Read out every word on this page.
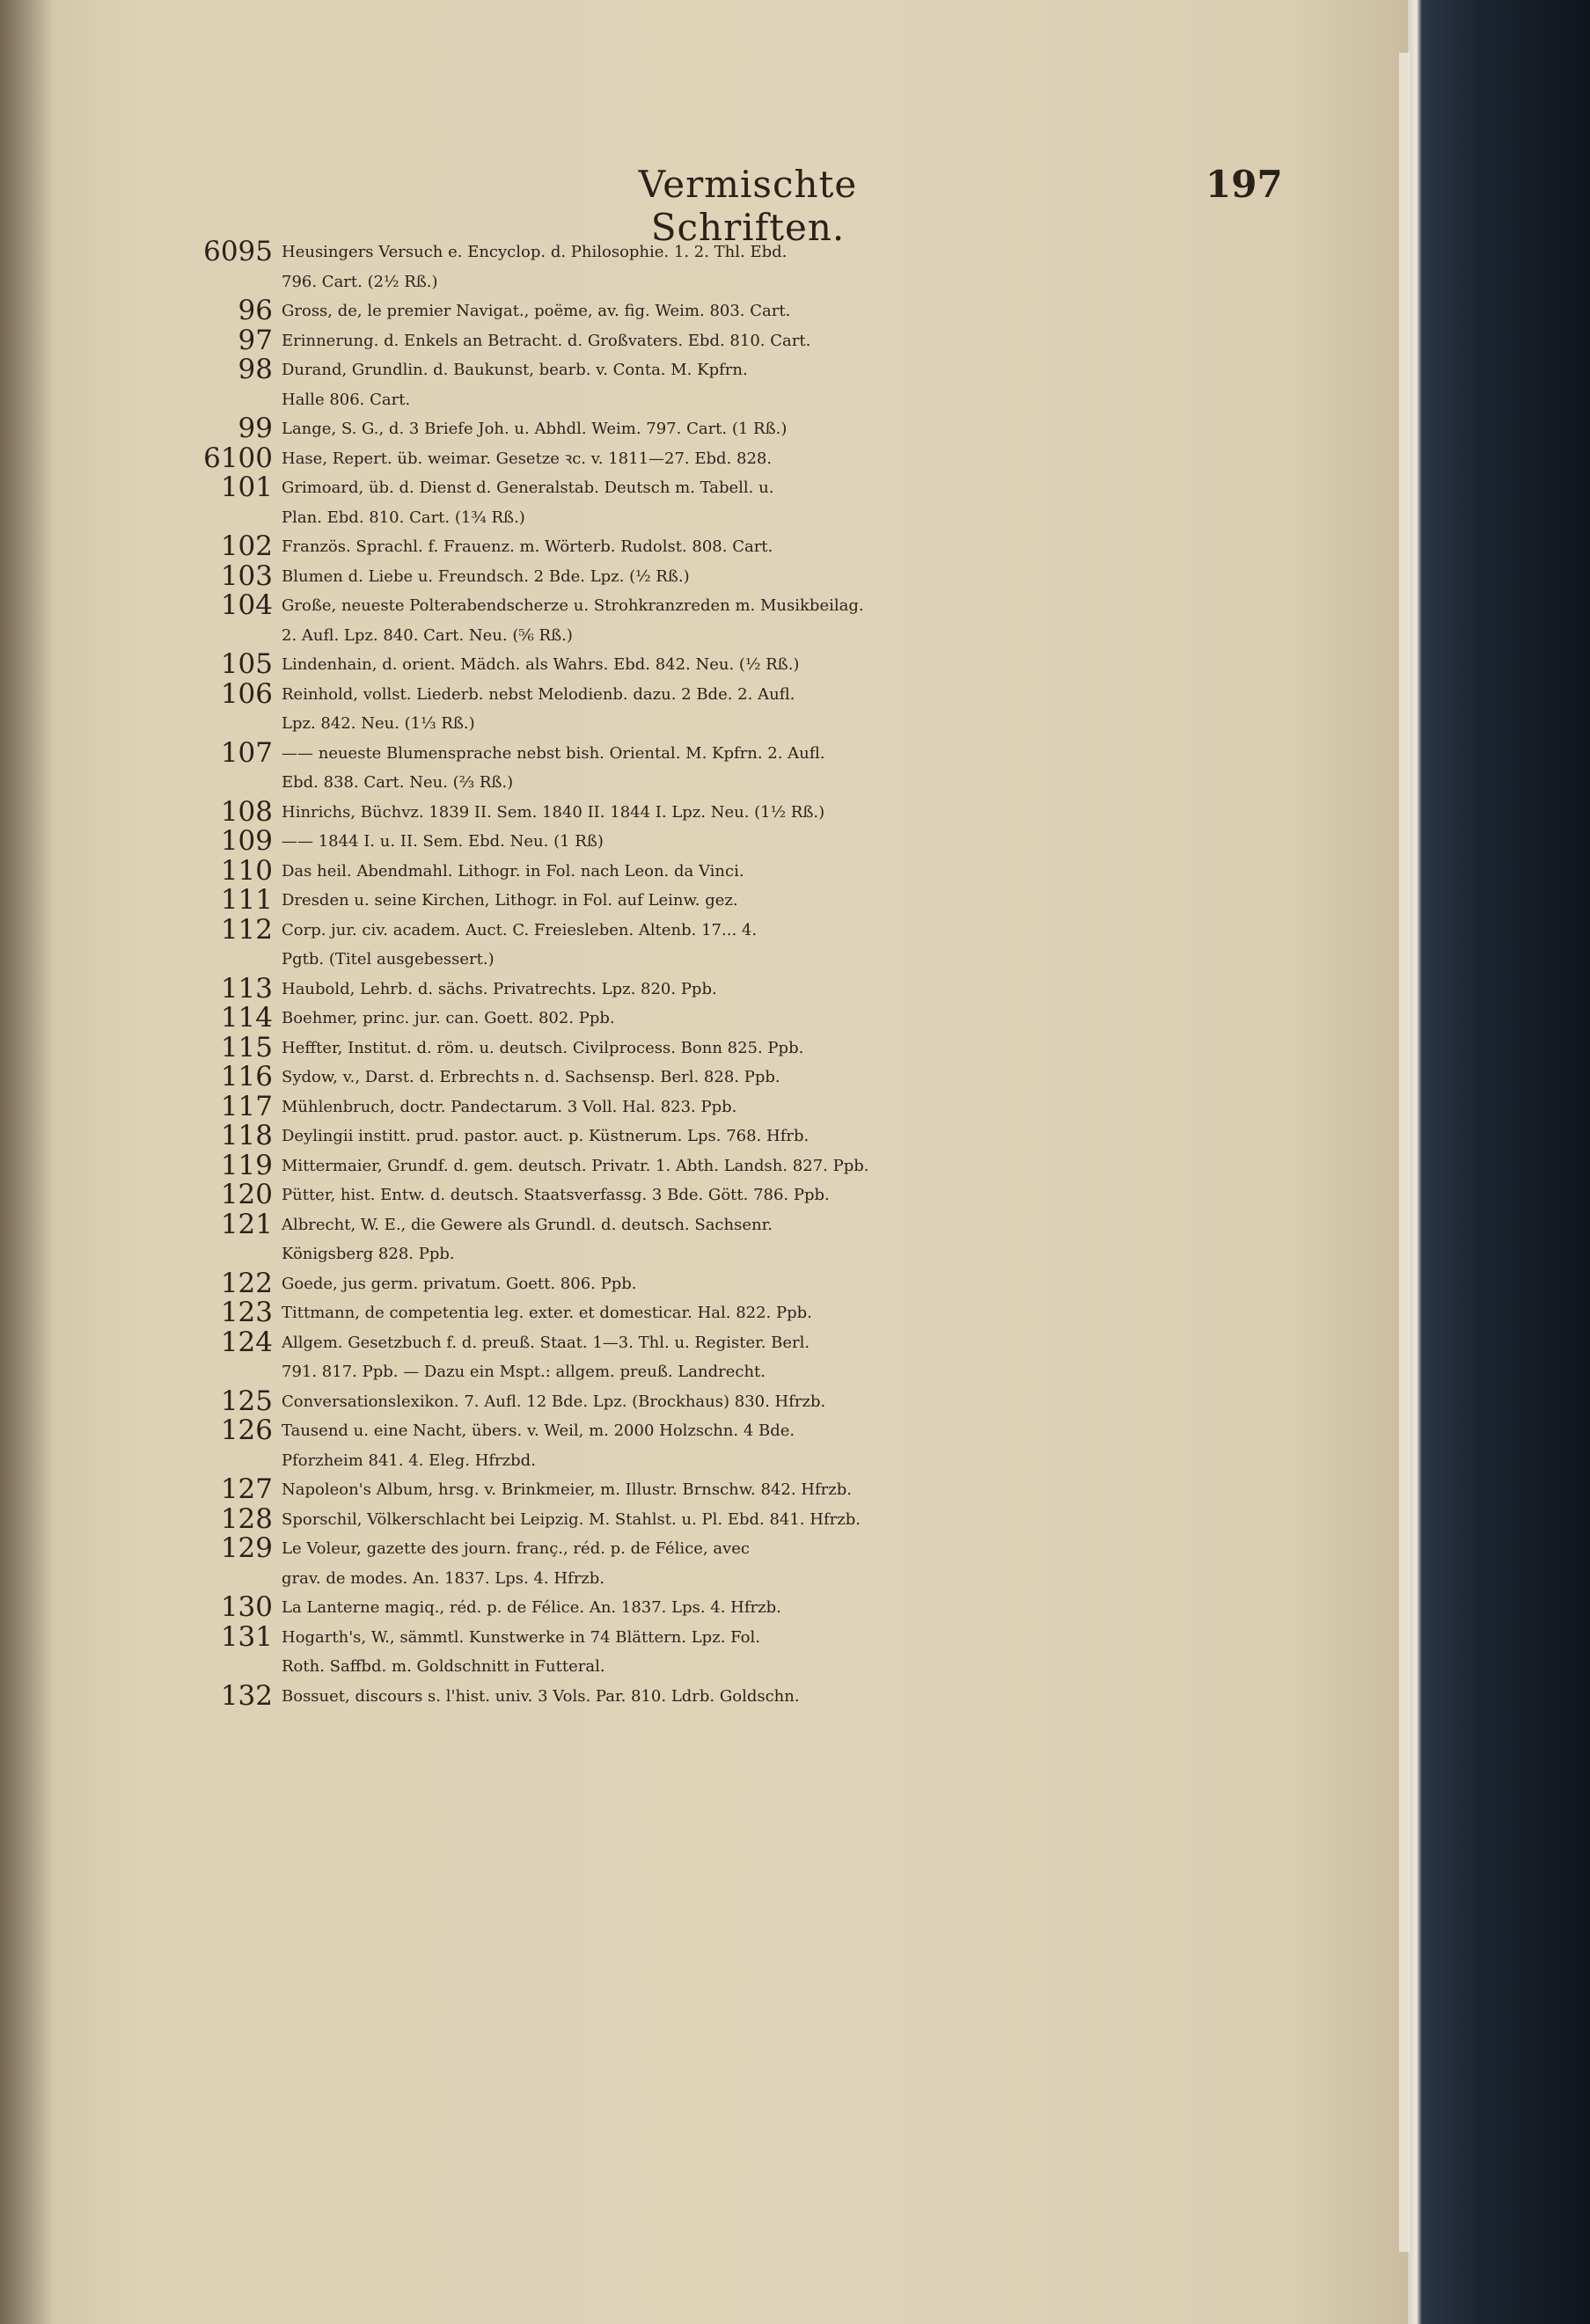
Vermischte Schriften.
197
6095 Heusingers Versuch e. Encyclop. d. Philosophie. 1. 2. Thl. Ebd.
796. Cart. (2½ Rß.)
96 Gross, de, le premier Navigat., poëme, av. fig. Weim. 803. Cart.
97 Erinnerung. d. Enkels an Betracht. d. Großvaters. Ebd. 810. Cart.
98 Durand, Grundlin. d. Baukunst, bearb. v. Conta. M. Kpfrn.
Halle 806. Cart.
99 Lange, S. G., d. 3 Briefe Joh. u. Abhdl. Weim. 797. Cart. (1 Rß.)
6100 Hase, Repert. üb. weimar. Gesetze ꝛc. v. 1811—27. Ebd. 828.
101 Grimoard, üb. d. Dienst d. Generalstab. Deutsch m. Tabell. u.
Plan. Ebd. 810. Cart. (1¾ Rß.)
102 Französ. Sprachl. f. Frauenz. m. Wörterb. Rudolst. 808. Cart.
103 Blumen d. Liebe u. Freundsch. 2 Bde. Lpz. (½ Rß.)
104 Große, neueste Polterabendscherze u. Strohkranzreden m. Musikbeilag.
2. Aufl. Lpz. 840. Cart. Neu. (⅚ Rß.)
105 Lindenhain, d. orient. Mädch. als Wahrs. Ebd. 842. Neu. (½ Rß.)
106 Reinhold, vollst. Liederb. nebst Melodienb. dazu. 2 Bde. 2. Aufl.
Lpz. 842. Neu. (1⅓ Rß.)
107 —— neueste Blumensprache nebst bish. Oriental. M. Kpfrn. 2. Aufl.
Ebd. 838. Cart. Neu. (⅔ Rß.)
108 Hinrichs, Büchvz. 1839 II. Sem. 1840 II. 1844 I. Lpz. Neu. (1½ Rß.)
109 —— 1844 I. u. II. Sem. Ebd. Neu. (1 Rß)
110 Das heil. Abendmahl. Lithogr. in Fol. nach Leon. da Vinci.
111 Dresden u. seine Kirchen, Lithogr. in Fol. auf Leinw. gez.
112 Corp. jur. civ. academ. Auct. C. Freiesleben. Altenb. 17... 4.
Pgtb. (Titel ausgebessert.)
113 Haubold, Lehrb. d. sächs. Privatrechts. Lpz. 820. Ppb.
114 Boehmer, princ. jur. can. Goett. 802. Ppb.
115 Heffter, Institut. d. röm. u. deutsch. Civilprocess. Bonn 825. Ppb.
116 Sydow, v., Darst. d. Erbrechts n. d. Sachsensp. Berl. 828. Ppb.
117 Mühlenbruch, doctr. Pandectarum. 3 Voll. Hal. 823. Ppb.
118 Deylingii institt. prud. pastor. auct. p. Küstnerum. Lps. 768. Hfrb.
119 Mittermaier, Grundf. d. gem. deutsch. Privatr. 1. Abth. Landsh. 827. Ppb.
120 Pütter, hist. Entw. d. deutsch. Staatsverfassg. 3 Bde. Gött. 786. Ppb.
121 Albrecht, W. E., die Gewere als Grundl. d. deutsch. Sachsenr.
Königsberg 828. Ppb.
122 Goede, jus germ. privatum. Goett. 806. Ppb.
123 Tittmann, de competentia leg. exter. et domesticar. Hal. 822. Ppb.
124 Allgem. Gesetzbuch f. d. preuß. Staat. 1—3. Thl. u. Register. Berl.
791. 817. Ppb. — Dazu ein Mspt.: allgem. preuß. Landrecht.
125 Conversationslexikon. 7. Aufl. 12 Bde. Lpz. (Brockhaus) 830. Hfrzb.
126 Tausend u. eine Nacht, übers. v. Weil, m. 2000 Holzschn. 4 Bde.
Pforzheim 841. 4. Eleg. Hfrzbd.
127 Napoleon's Album, hrsg. v. Brinkmeier, m. Illustr. Brnschw. 842. Hfrzb.
128 Sporschil, Völkerschlacht bei Leipzig. M. Stahlst. u. Pl. Ebd. 841. Hfrzb.
129 Le Voleur, gazette des journ. franç., réd. p. de Félice, avec
grav. de modes. An. 1837. Lps. 4. Hfrzb.
130 La Lanterne magiq., réd. p. de Félice. An. 1837. Lps. 4. Hfrzb.
131 Hogarth's, W., sämmtl. Kunstwerke in 74 Blättern. Lpz. Fol.
Roth. Saffbd. m. Goldschnitt in Futteral.
132 Bossuet, discours s. l'hist. univ. 3 Vols. Par. 810. Ldrb. Goldschn.
